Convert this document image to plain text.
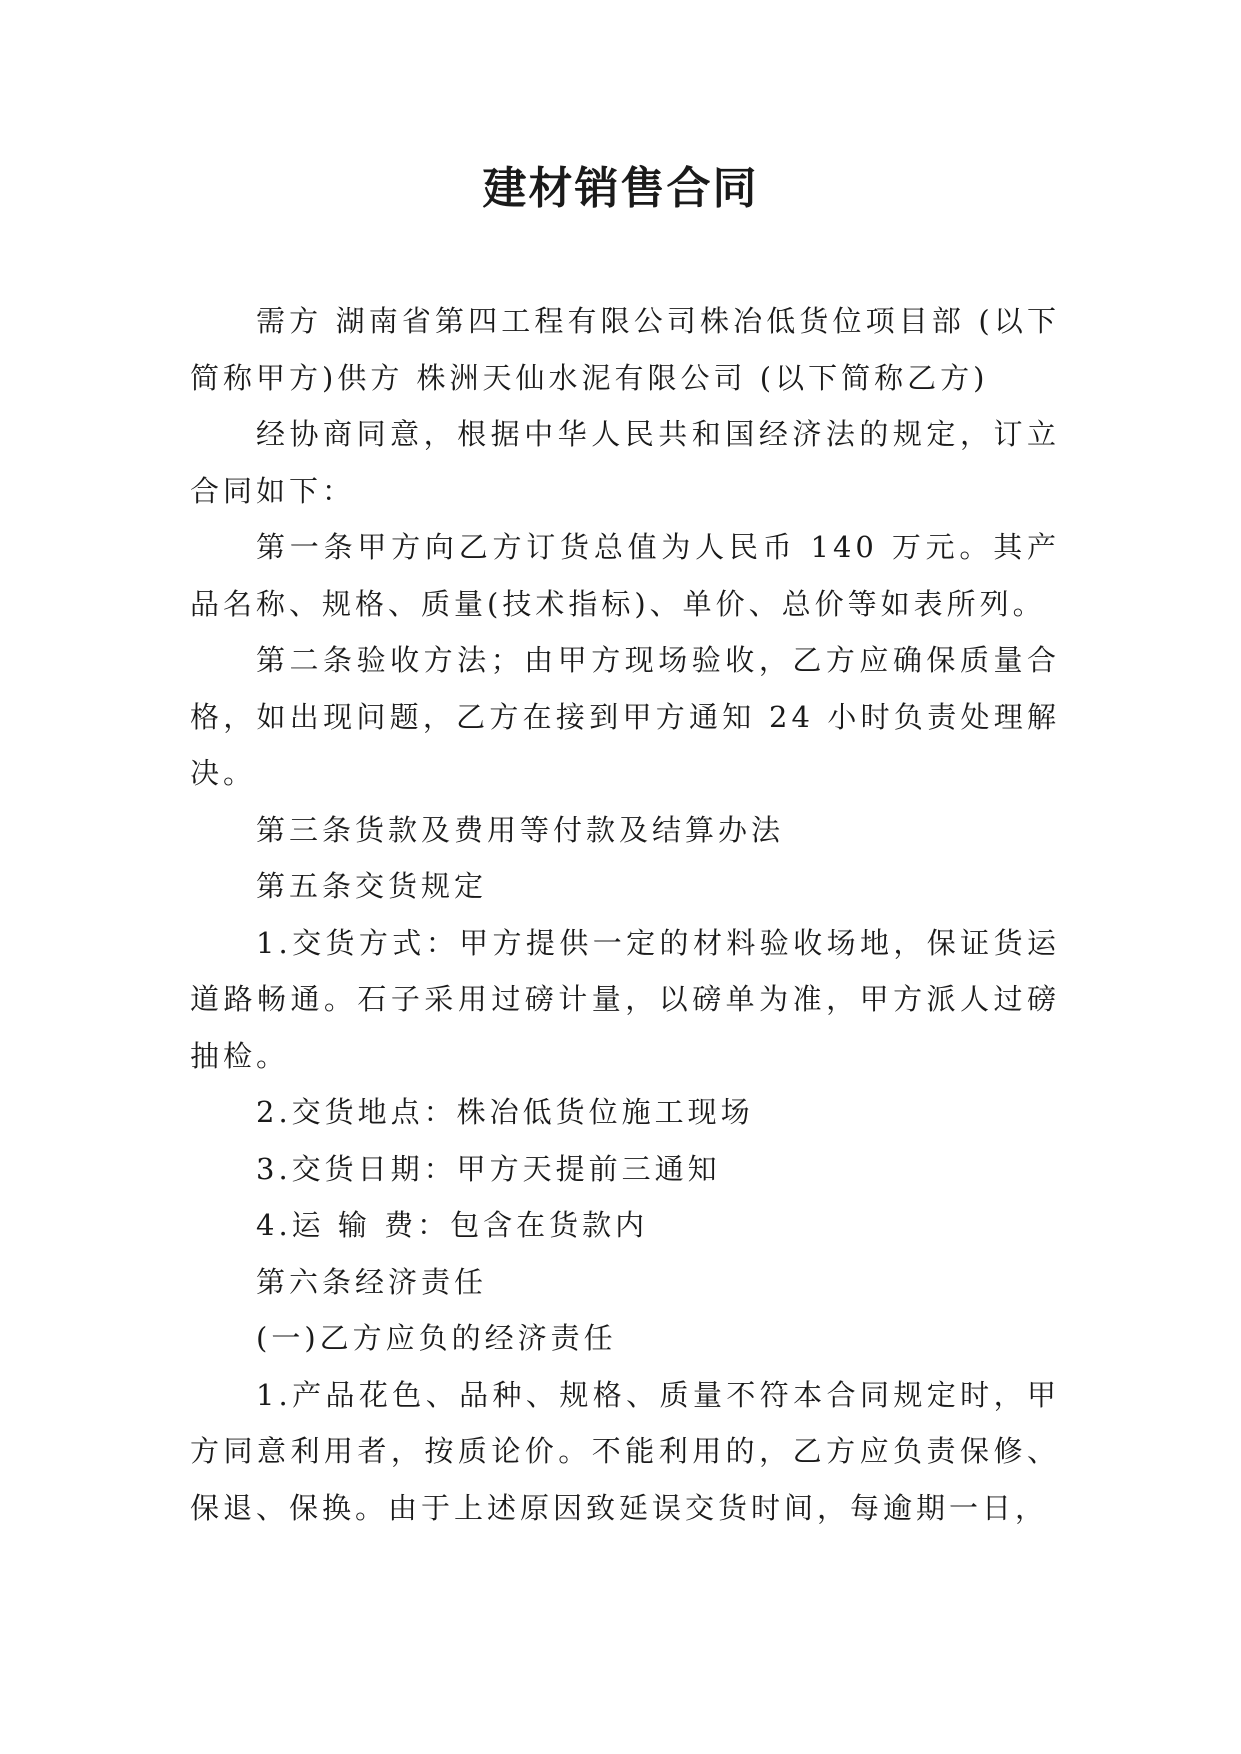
建材销售合同

需方 湖南省第四工程有限公司株冶低货位项目部 (以下简称甲方)供方 株洲天仙水泥有限公司 (以下简称乙方)

经协商同意，根据中华人民共和国经济法的规定，订立合同如下：

第一条甲方向乙方订货总值为人民币 140 万元。其产品名称、规格、质量(技术指标)、单价、总价等如表所列。

第二条验收方法；由甲方现场验收，乙方应确保质量合格，如出现问题，乙方在接到甲方通知 24 小时负责处理解决。

第三条货款及费用等付款及结算办法

第五条交货规定

1.交货方式：甲方提供一定的材料验收场地，保证货运道路畅通。石子采用过磅计量，以磅单为准，甲方派人过磅抽检。

2.交货地点：株冶低货位施工现场

3.交货日期：甲方天提前三通知

4.运 输 费：包含在货款内

第六条经济责任

(一)乙方应负的经济责任

1.产品花色、品种、规格、质量不符本合同规定时，甲方同意利用者，按质论价。不能利用的，乙方应负责保修、保退、保换。由于上述原因致延误交货时间，每逾期一日，
